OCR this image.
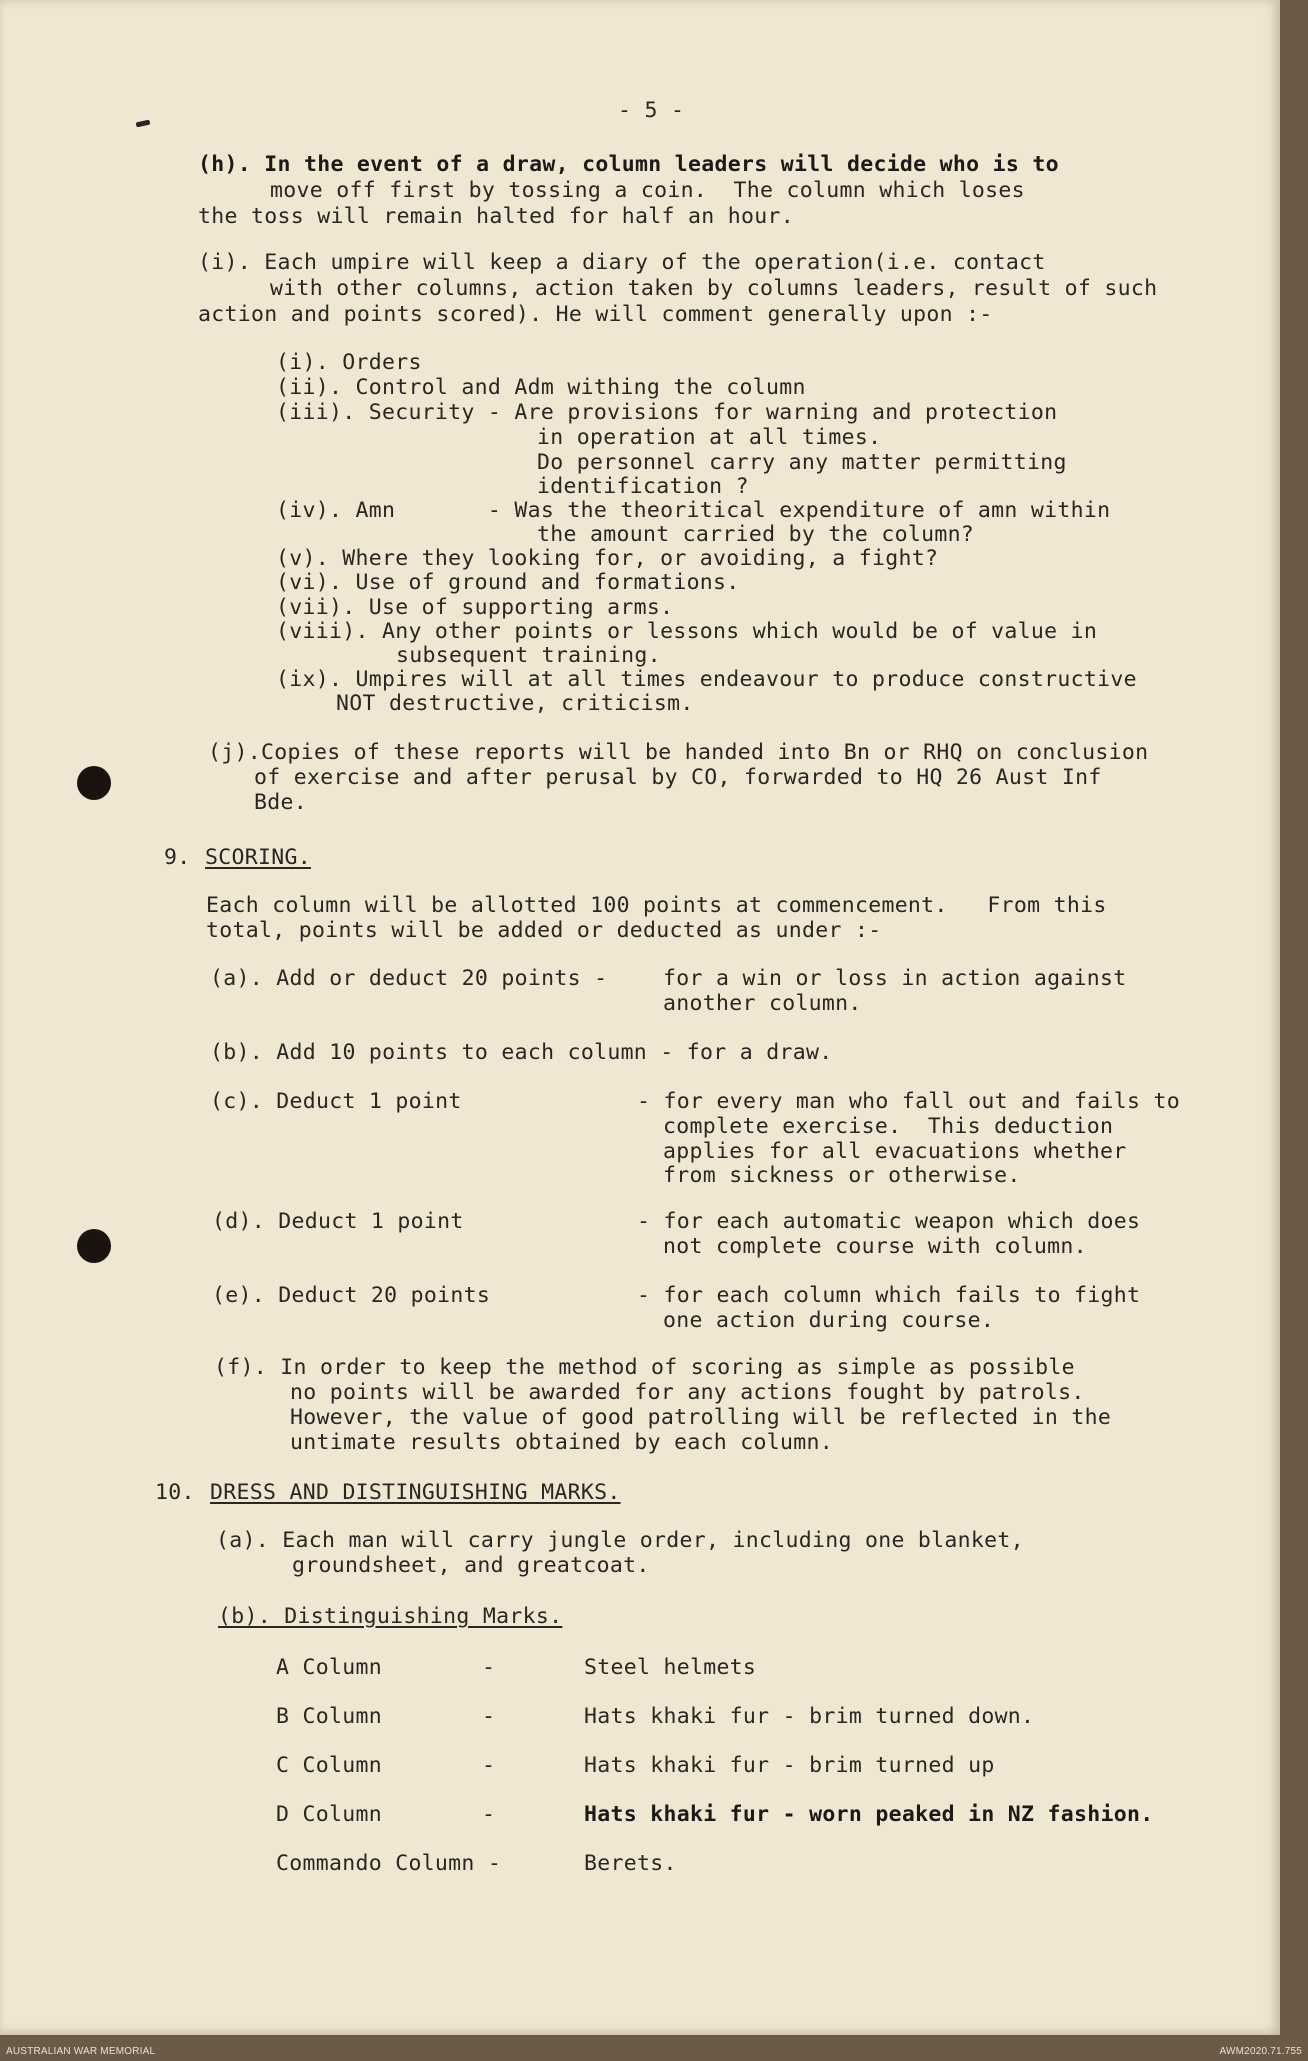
- 5 -
(h). In the event of a draw, column leaders will decide who is to
move off first by tossing a coin.  The column which loses
the toss will remain halted for half an hour.
(i). Each umpire will keep a diary of the operation(i.e. contact
with other columns, action taken by columns leaders, result of such
action and points scored). He will comment generally upon :-
(i). Orders
(ii). Control and Adm withing the column
(iii). Security - Are provisions for warning and protection
in operation at all times.
Do personnel carry any matter permitting
identification ?
(iv). Amn       - Was the theoritical expenditure of amn within
the amount carried by the column?
(v). Where they looking for, or avoiding, a fight?
(vi). Use of ground and formations.
(vii). Use of supporting arms.
(viii). Any other points or lessons which would be of value in
subsequent training.
(ix). Umpires will at all times endeavour to produce constructive
NOT destructive, criticism.
(j).Copies of these reports will be handed into Bn or RHQ on conclusion
of exercise and after perusal by CO, forwarded to HQ 26 Aust Inf
Bde.
9. SCORING.
Each column will be allotted 100 points at commencement.   From this
total, points will be added or deducted as under :-
(a). Add or deduct 20 points -	for a win or loss in action against
another column.
(b). Add 10 points to each column - for a draw.
(c). Deduct 1 point	- for every man who fall out and fails to
complete exercise.  This deduction
applies for all evacuations whether
from sickness or otherwise.
(d). Deduct 1 point	- for each automatic weapon which does
not complete course with column.
(e). Deduct 20 points	- for each column which fails to fight
one action during course.
(f). In order to keep the method of scoring as simple as possible
no points will be awarded for any actions fought by patrols.
However, the value of good patrolling will be reflected in the
untimate results obtained by each column.
10. DRESS AND DISTINGUISHING MARKS.
(a). Each man will carry jungle order, including one blanket,
groundsheet, and greatcoat.
(b). Distinguishing Marks.
A Column	-	Steel helmets
B Column	-	Hats khaki fur - brim turned down.
C Column	-	Hats khaki fur - brim turned up
D Column	-	Hats khaki fur - worn peaked in NZ fashion.
Commando Column -	Berets.
AUSTRALIAN WAR MEMORIAL	AWM2020.71.755
